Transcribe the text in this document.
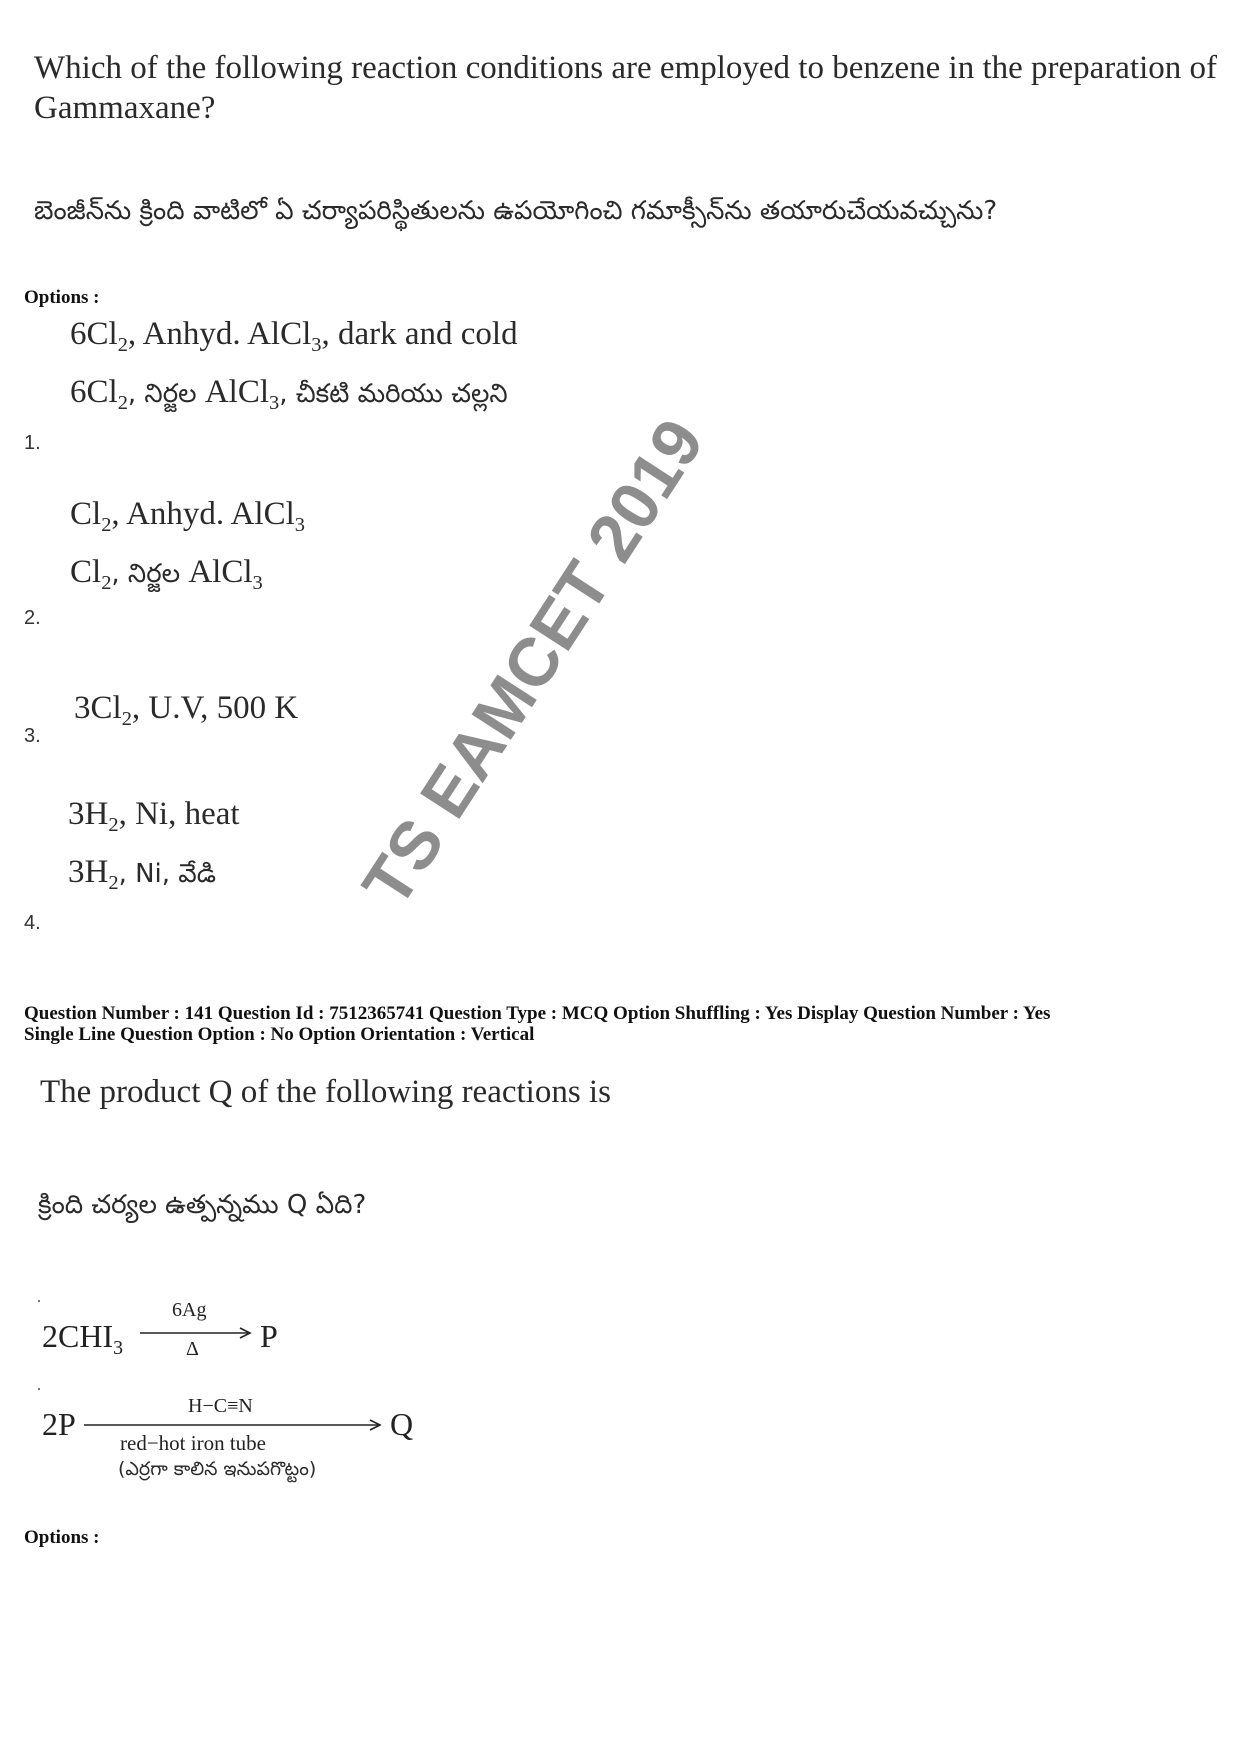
Which of the following reaction conditions are employed to benzene in the preparation of
Gammaxane?
బెంజీన్‌ను క్రింది వాటిలో ఏ చర్యాపరిస్థితులను ఉపయోగించి గమాక్సీన్‌ను తయారుచేయవచ్చును?
Options :
$6Cl_2$, Anhyd. AlCl$_3$, dark and cold
$6Cl_2$, నిర్జల AlCl$_3$, చీకటి మరియు చల్లని
1.
$Cl_2$, Anhyd. AlCl$_3$
$Cl_2$, నిర్జల AlCl$_3$
2.
$3Cl_2$, U.V, 500 K
3.
$3H_2$, Ni, heat
$3H_2$, Ni, వేడి
4.
Question Number : 141 Question Id : 7512365741 Question Type : MCQ Option Shuffling : Yes Display Question Number : Yes
Single Line Question Option : No Option Orientation : Vertical
The product Q of the following reactions is
క్రింది చర్యల ఉత్పన్నము Q ఏది?
$2CHI_3$
6Ag
Δ P
2P	H−C≡N
red−hot iron tube
(ఎర్రగా కాలిన ఇనుపగొట్టం)
Q
Options :
TS EAMCET 2019
